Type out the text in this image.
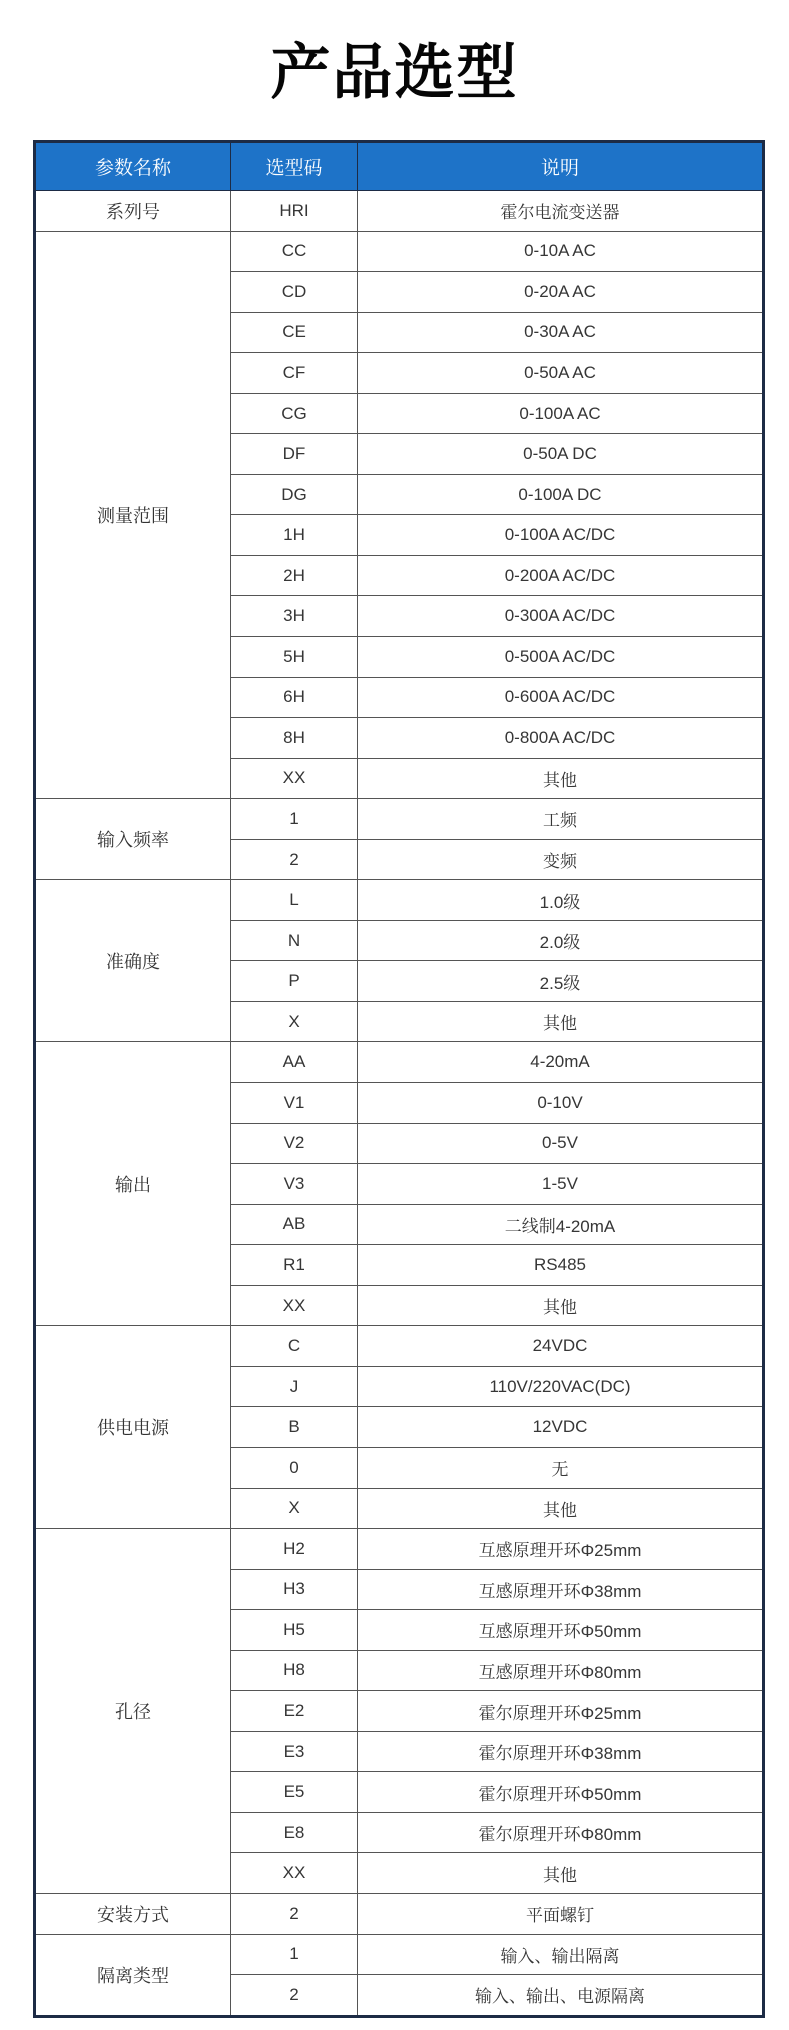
产品选型
参数名称	选型码	说明
系列号	HRI	霍尔电流变送器
测量范围	CC	0-10A AC
	CD	0-20A AC
	CE	0-30A AC
	CF	0-50A AC
	CG	0-100A AC
	DF	0-50A DC
	DG	0-100A DC
	1H	0-100A AC/DC
	2H	0-200A AC/DC
	3H	0-300A AC/DC
	5H	0-500A AC/DC
	6H	0-600A AC/DC
	8H	0-800A AC/DC
	XX	其他
输入频率	1	工频
	2	变频
准确度	L	1.0级
	N	2.0级
	P	2.5级
	X	其他
输出	AA	4-20mA
	V1	0-10V
	V2	0-5V
	V3	1-5V
	AB	二线制4-20mA
	R1	RS485
	XX	其他
供电电源	C	24VDC
	J	110V/220VAC(DC)
	B	12VDC
	0	无
	X	其他
孔径	H2	互感原理开环Φ25mm
	H3	互感原理开环Φ38mm
	H5	互感原理开环Φ50mm
	H8	互感原理开环Φ80mm
	E2	霍尔原理开环Φ25mm
	E3	霍尔原理开环Φ38mm
	E5	霍尔原理开环Φ50mm
	E8	霍尔原理开环Φ80mm
	XX	其他
安装方式	2	平面螺钉
隔离类型	1	输入、输出隔离
	2	输入、输出、电源隔离
